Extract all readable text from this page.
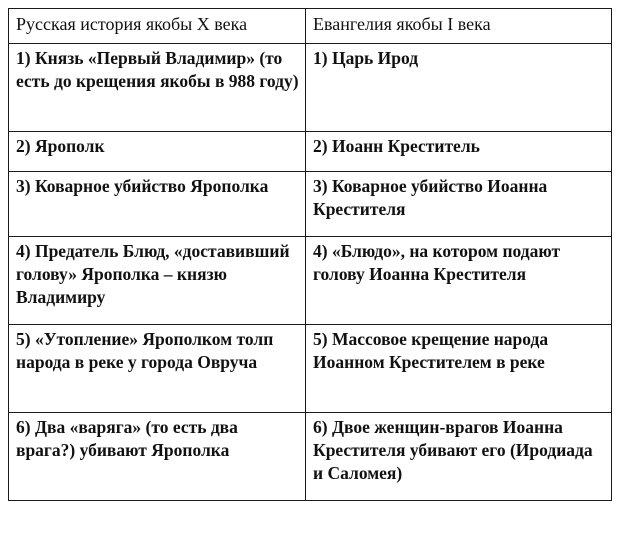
Русская история якобы X века	Евангелия якобы I века
1) Князь «Первый Владимир» (то есть до крещения якобы в 988 году)	1) Царь Ирод
2) Ярополк	2) Иоанн Креститель
3) Коварное убийство Ярополка	3) Коварное убийство Иоанна Крестителя
4) Предатель Блюд, «доставивший голову» Ярополка – князю Владимиру	4) «Блюдо», на котором подают голову Иоанна Крестителя
5) «Утопление» Ярополком толп народа в реке у города Овруча	5) Массовое крещение народа Иоанном Крестителем в реке
6) Два «варяга» (то есть два врага?) убивают Ярополка	6) Двое женщин-врагов Иоанна Крестителя убивают его (Иродиада и Саломея)
